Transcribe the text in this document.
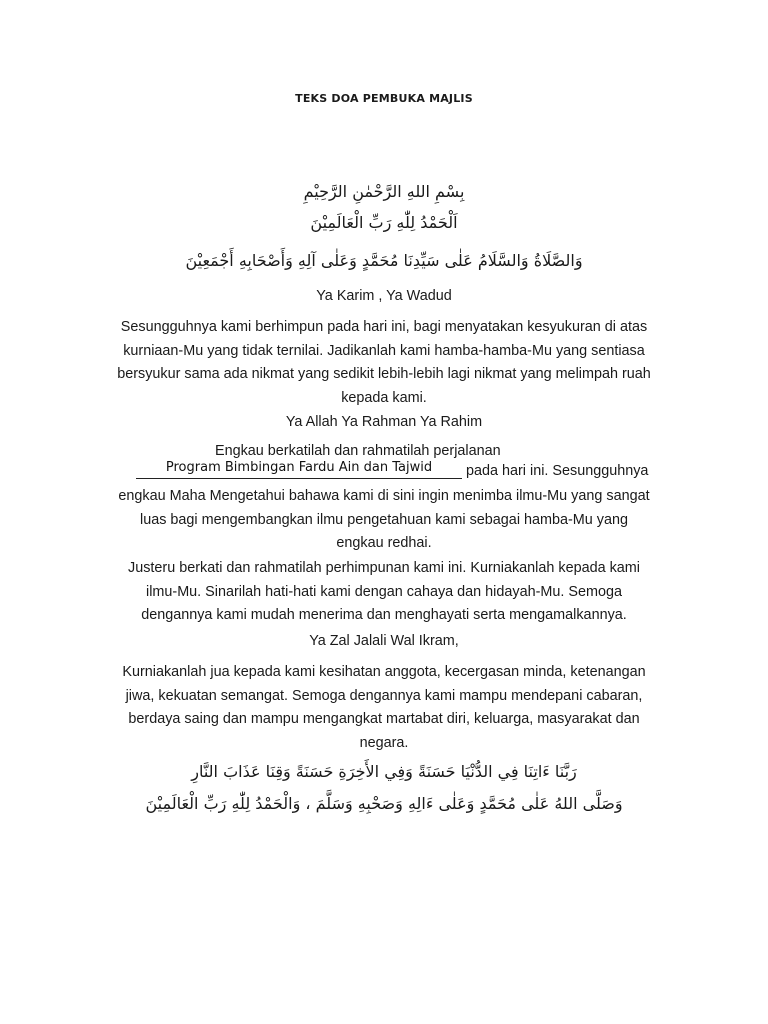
TEKS DOA PEMBUKA MAJLIS
بِسْمِ اللهِ الرَّحْمٰنِ الرَّحِيْمِ
اَلْحَمْدُ لِلّٰهِ رَبِّ الْعَالَمِيْنَ
وَالصَّلَاةُ وَالسَّلَامُ عَلٰى سَيِّدِنَا مُحَمَّدٍ وَعَلٰى آلِهِ وَأَصْحَابِهِ أَجْمَعِيْنَ
Ya Karim , Ya Wadud

Sesungguhnya kami berhimpun pada hari ini, bagi menyatakan kesyukuran di atas

kurniaan-Mu yang tidak ternilai. Jadikanlah kami hamba-hamba-Mu yang sentiasa

bersyukur sama ada nikmat yang sedikit lebih-lebih lagi nikmat yang melimpah ruah

kepada kami.

Ya Allah Ya Rahman Ya Rahim
Engkau berkatilah dan rahmatilah perjalanan
Program Bimbingan Fardu Ain dan Tajwid	pada hari ini. Sesungguhnya

engkau Maha Mengetahui bahawa kami di sini ingin menimba ilmu-Mu yang sangat

luas bagi mengembangkan ilmu pengetahuan kami sebagai hamba-Mu yang

engkau redhai.

Justeru berkati dan rahmatilah perhimpunan kami ini. Kurniakanlah kepada kami

ilmu-Mu. Sinarilah hati-hati kami dengan cahaya dan hidayah-Mu. Semoga

dengannya kami mudah menerima dan menghayati serta mengamalkannya.

Ya Zal Jalali Wal Ikram,

Kurniakanlah jua kepada kami kesihatan anggota, kecergasan minda, ketenangan

jiwa, kekuatan semangat. Semoga dengannya kami mampu mendepani cabaran,

berdaya saing dan mampu mengangkat martabat diri, keluarga, masyarakat dan

negara.

رَبَّنَا ءَاتِنَا فِي الدُّنْيَا حَسَنَةً وَفِي الأَخِرَةِ حَسَنَةً وَقِنَا عَذَابَ النَّارِ
وَصَلَّى اللهُ عَلٰى مُحَمَّدٍ وَعَلٰى ءَالِهِ وَصَحْبِهِ وَسَلَّمَ ، وَالْحَمْدُ لِلّٰهِ رَبِّ الْعَالَمِيْنَ
